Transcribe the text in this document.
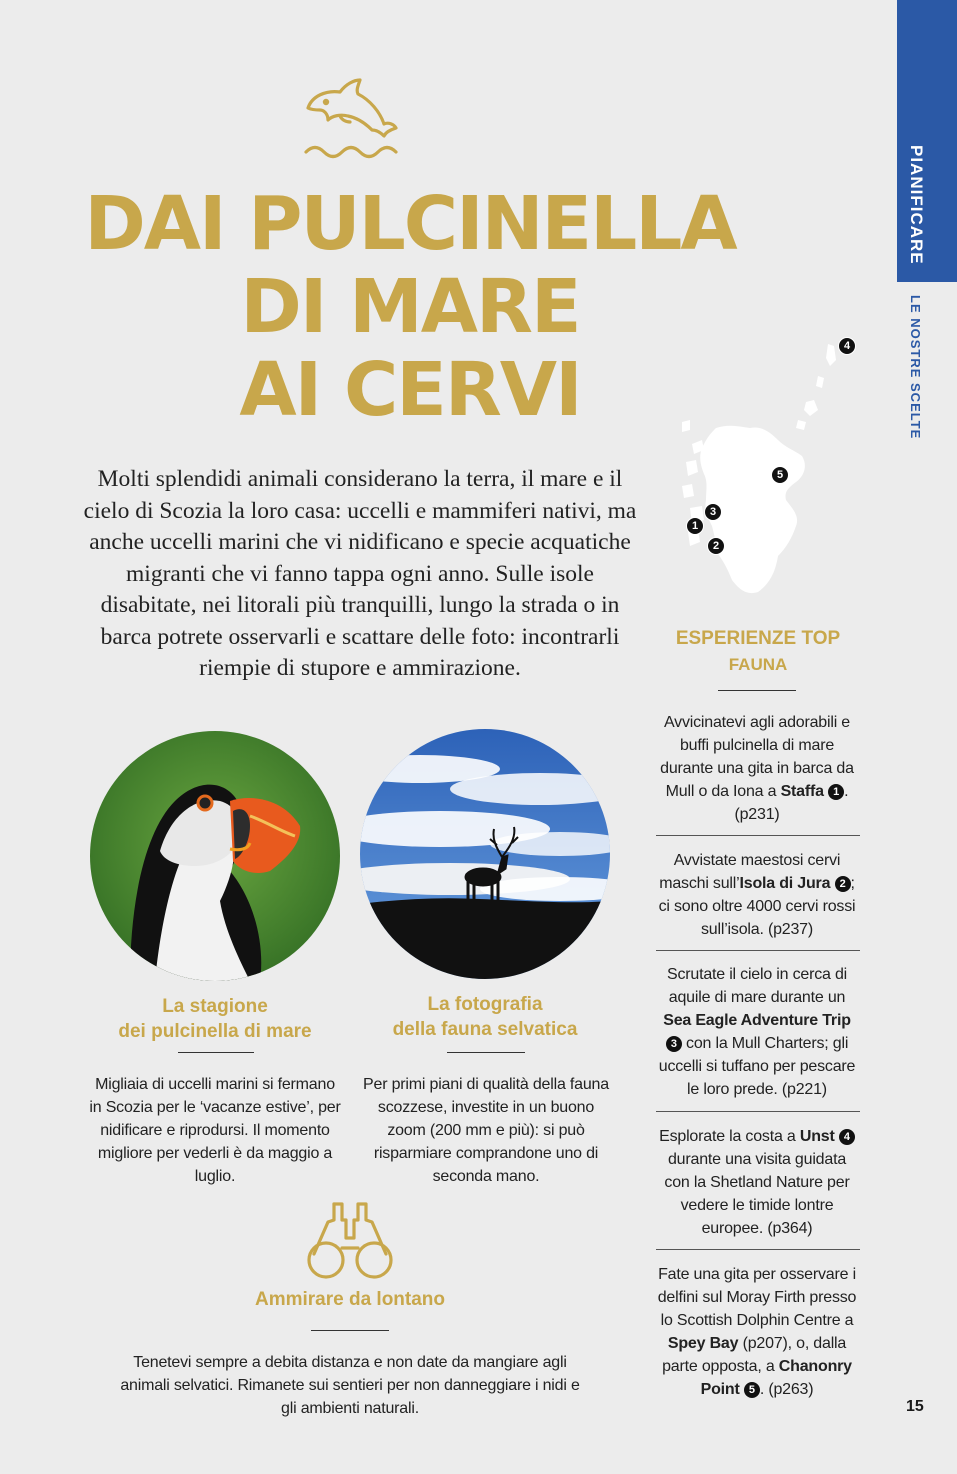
PIANIFICARE
LE NOSTRE SCELTE
DAI PULCINELLA
DI MARE
AI CERVI

Molti splendidi animali considerano la terra, il mare e il cielo di Scozia la loro casa: uccelli e mammiferi nativi, ma anche uccelli marini che vi nidificano e specie acquatiche migranti che vi fanno tappa ogni anno. Sulle isole disabitate, nei litorali più tranquilli, lungo la strada o in barca potrete osservarli e scattare delle foto: incontrarli riempie di stupore e ammirazione.

La stagione
dei pulcinella di mare

Migliaia di uccelli marini si fermano in Scozia per le ‘vacanze estive’, per nidificare e riprodursi. Il momento migliore per vederli è da maggio a luglio.

La fotografia
della fauna selvatica

Per primi piani di qualità della fauna scozzese, investite in un buono zoom (200 mm e più): si può risparmiare comprandone uno di seconda mano.

Ammirare da lontano

Tenetevi sempre a debita distanza e non date da mangiare agli animali selvatici. Rimanete sui sentieri per non danneggiare i nidi e gli ambienti naturali.

4
5
3
1
2
ESPERIENZE TOP
FAUNA

Avvicinatevi agli adorabili e buffi pulcinella di mare durante una gita in barca da Mull o da Iona a Staffa 1 . (p231)

Avvistate maestosi cervi maschi sull’Isola di Jura 2 ; ci sono oltre 4000 cervi rossi sull’isola. (p237)

Scrutate il cielo in cerca di aquile di mare durante un Sea Eagle Adventure Trip 3 con la Mull Charters; gli uccelli si tuffano per pescare le loro prede. (p221)

Esplorate la costa a Unst 4 durante una visita guidata con la Shetland Nature per vedere le timide lontre europee. (p364)

Fate una gita per osservare i delfini sul Moray Firth presso lo Scottish Dolphin Centre a Spey Bay (p207), o, dalla parte opposta, a Chanonry Point 5 . (p263)

15
